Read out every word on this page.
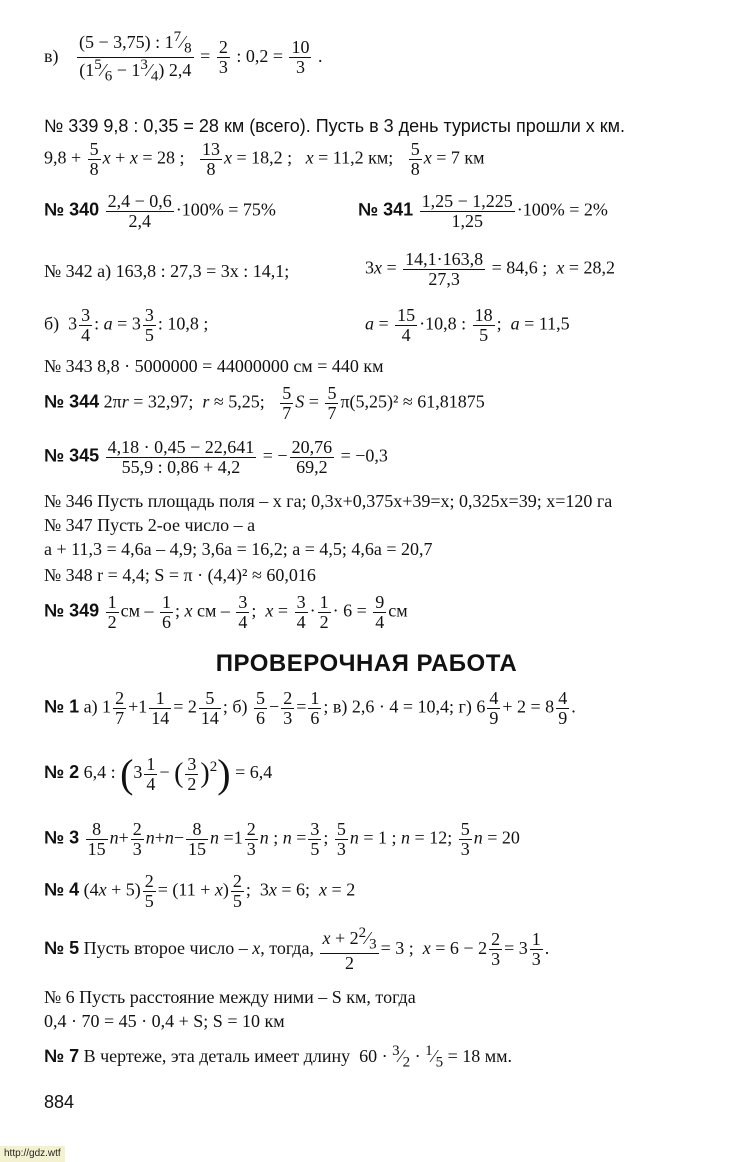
$в) \frac{(5 - 3,75) : 1^7⁄_8}{(1^5⁄_6 - 1^3⁄_4) 2,4} = \frac{2}{3}$ : $0,2 = \frac{10}{3}$ .
№ 339 9,8 : 0,35 = 28 км (всего). Пусть в 3 день туристы прошли x км.
$9,8 + \frac{5}{8}$ x + x = 28 ; $\frac{13}{8}$ x = 18,2 ;   x = 11,2 км; $\frac{5}{8}$ x = 7 км
№ $340 \frac{2,4 - 0,6}{2,4} \cdot 100\% = 75\%$	№ $341 \frac{1,25 - 1,225}{1,25} \cdot 100\% = 2\%$
№ 342 а) 163,8 : 27,3 = 3x : 14,1;	$3x = \frac{14,1\cdot 163,8}{27,3} = 84,6$ ;  x = 28,2
б)  $3 \frac{3}{4}$ : $a = 3 \frac{3}{5}$ : 10,8 ;	$a = \frac{15}{4} \cdot 10,8$ : $\frac{18}{5}$ ;  a = 11,5
№ 343 8,8 · 5000000 = 44000000 см = 440 км
№ 344 2πr = 32,97;  r ≈ 5,25; $\frac{5}{7}$ $S = \frac{5}{7} \pi(5,25)^2 \approx 61,81875$
№ $345 \frac{4,18 \cdot 0,45 - 22,641}{55,9 : 0,86 + 4,2}$ = − $\frac{20,76}{69,2} = -0,3$
№ 346 Пусть площадь поля – x га; 0,3x+0,375x+39=x; 0,325x=39; x=120 га
№ 347 Пусть 2-ое число – a
a + 11,3 = 4,6a – 4,9; 3,6a = 16,2; a = 4,5; 4,6a = 20,7
№ 348 r = 4,4; S = π · (4,4)² ≈ 60,016
№ $349 \frac{1}{2}$ см – $\frac{1}{6}$ ; x см – $\frac{3}{4}$ ;  $x = \frac{3}{4} \cdot \frac{1}{2} \cdot 6 = \frac{9}{4}$ см
ПРОВЕРОЧНАЯ РАБОТА
№ 1 а) $1 \frac{2}{7} +1 \frac{1}{14} = 2 \frac{5}{14}$ ; $б) \frac{5}{6} - \frac{2}{3} = \frac{1}{6}$ ; в) 2,6 · 4 = 10,4; г) $6 \frac{4}{9} + 2 = 8 \frac{4}{9}$ .
№ 2 6,4 : ($3 \frac{1}{4}$ − ( $\frac{3}{2} )^2) = 6,4$
№ $3 \frac{8}{15} n+ \frac{2}{3} n+n- \frac{8}{15}$ $n =1 \frac{2}{3}$ n ; $n = \frac{3}{5}$ ; $\frac{5}{3}$ n = 1 ; n = 12; $\frac{5}{3}$ n = 20
№ 4 $(4x + 5) \frac{2}{5} = (11 + x) \frac{2}{5}$ ;  3x = 6;  x = 2
№ 5 Пусть второе число – x, тогда, $\frac{x + 2^2⁄_3}{2} = 3$ ;  $x = 6 - 2 \frac{2}{3} = 3 \frac{1}{3}$ .
№ 6 Пусть расстояние между ними – S км, тогда
0,4 · 70 = 45 · 0,4 + S; S = 10 км
№ 7 В чертеже, эта деталь имеет длину  $60 \cdot ^3⁄_2$ · $^1⁄_5 = 18$ мм.
884
http://gdz.wtf
